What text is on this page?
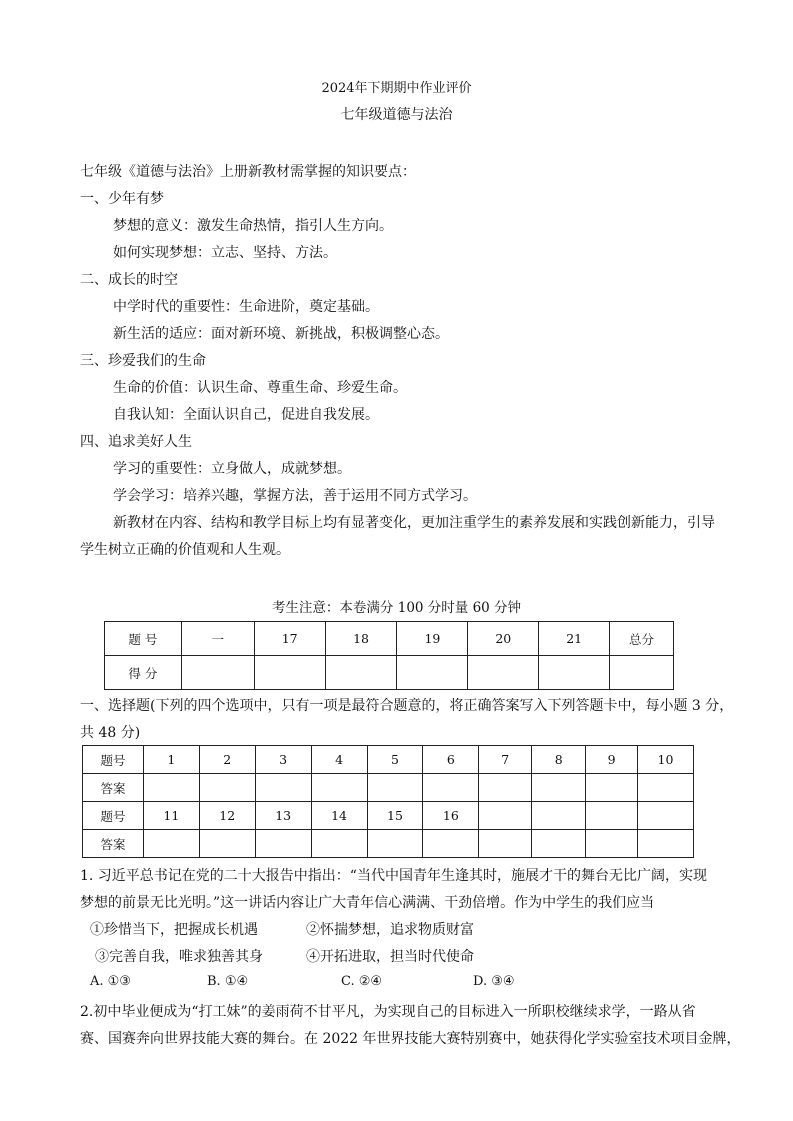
2024年下期期中作业评价
七年级道德与法治
七年级《道德与法治》上册新教材需掌握的知识要点：
一、少年有梦
梦想的意义：激发生命热情，指引人生方向。
如何实现梦想：立志、坚持、方法。
二、成长的时空
中学时代的重要性：生命进阶，奠定基础。
新生活的适应：面对新环境、新挑战，积极调整心态。
三、珍爱我们的生命
生命的价值：认识生命、尊重生命、珍爱生命。
自我认知：全面认识自己，促进自我发展。
四、追求美好人生
学习的重要性：立身做人，成就梦想。
学会学习：培养兴趣，掌握方法，善于运用不同方式学习。
新教材在内容、结构和教学目标上均有显著变化，更加注重学生的素养发展和实践创新能力，引导
学生树立正确的价值观和人生观。
考生注意：本卷满分 100 分时量 60 分钟
题 号	一	17	18	19	20	21	总分
得 分							
一、选择题(下列的四个选项中，只有一项是最符合题意的，将正确答案写入下列答题卡中，每小题 3 分，
共 48 分)
题号	1	2	3	4	5	6	7	8	9	10
答案										
题号	11	12	13	14	15	16				
答案										
1. 习近平总书记在党的二十大报告中指出：“当代中国青年生逢其时，施展才干的舞台无比广阔，实现
梦想的前景无比光明。”这一讲话内容让广大青年信心满满、干劲倍增。作为中学生的我们应当
①珍惜当下，把握成长机遇	②怀揣梦想，追求物质财富
③完善自我，唯求独善其身	④开拓进取，担当时代使命
A. ①③	B. ①④	C. ②④	D. ③④
2.初中毕业便成为“打工妹”的姜雨荷不甘平凡，为实现自己的目标进入一所职校继续求学，一路从省
赛、国赛奔向世界技能大赛的舞台。在 2022 年世界技能大赛特别赛中，她获得化学实验室技术项目金牌，
